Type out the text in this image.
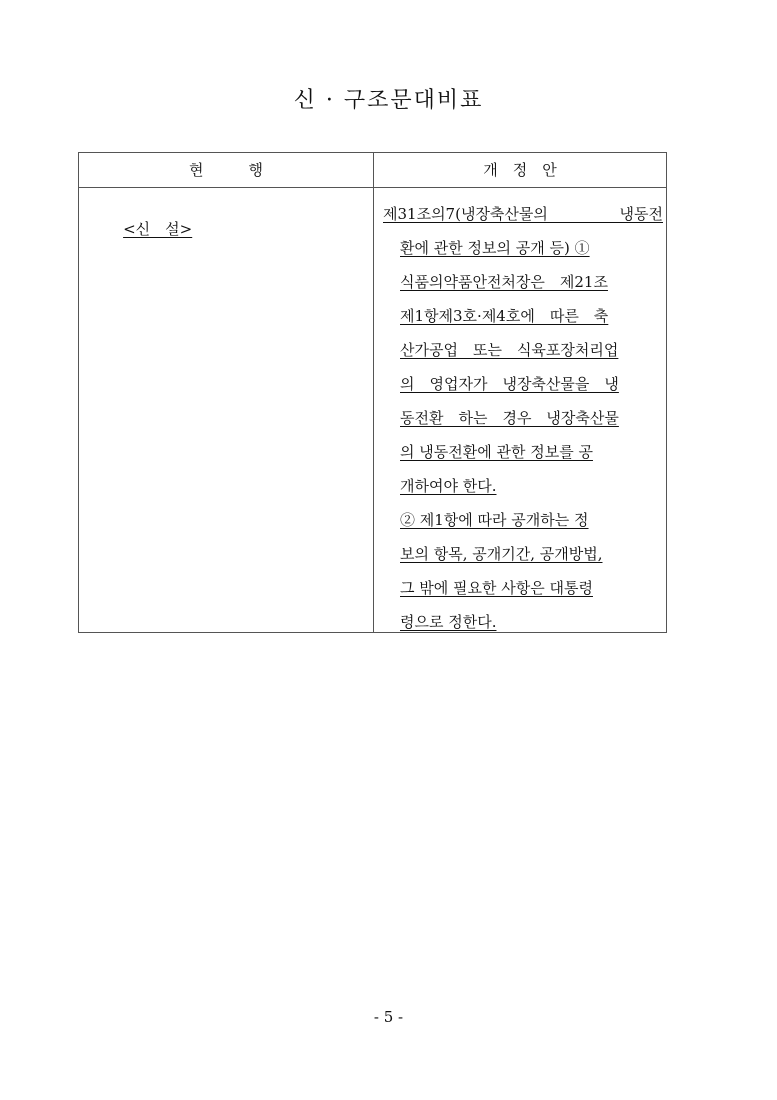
신 · 구조문대비표
현　　　행	개　정　안

<신　설>

제31조의7(냉장축산물의　냉동전
환에 관한 정보의 공개 등) ①
식품의약품안전처장은　제21조
제1항제3호·제4호에　따른　축
산가공업　또는　식육포장처리업
의　영업자가　냉장축산물을　냉
동전환　하는　경우　냉장축산물
의 냉동전환에 관한 정보를 공
개하여야 한다.
② 제1항에 따라 공개하는 정
보의 항목, 공개기간, 공개방법,
그 밖에 필요한 사항은 대통령
령으로 정한다.
- 5 -
